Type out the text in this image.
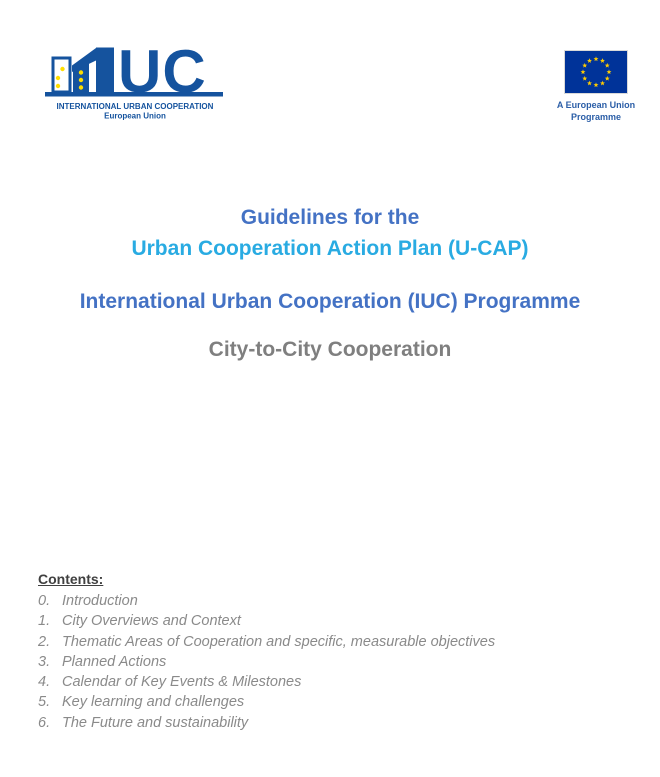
UC
INTERNATIONAL URBAN COOPERATION
European Union
A European Union
Programme

Guidelines for the

Urban Cooperation Action Plan (U-CAP)

International Urban Cooperation (IUC) Programme

City-to-City Cooperation

Contents:

0. Introduction
1. City Overviews and Context
2. Thematic Areas of Cooperation and specific, measurable objectives
3. Planned Actions
4. Calendar of Key Events & Milestones
5. Key learning and challenges
6. The Future and sustainability
